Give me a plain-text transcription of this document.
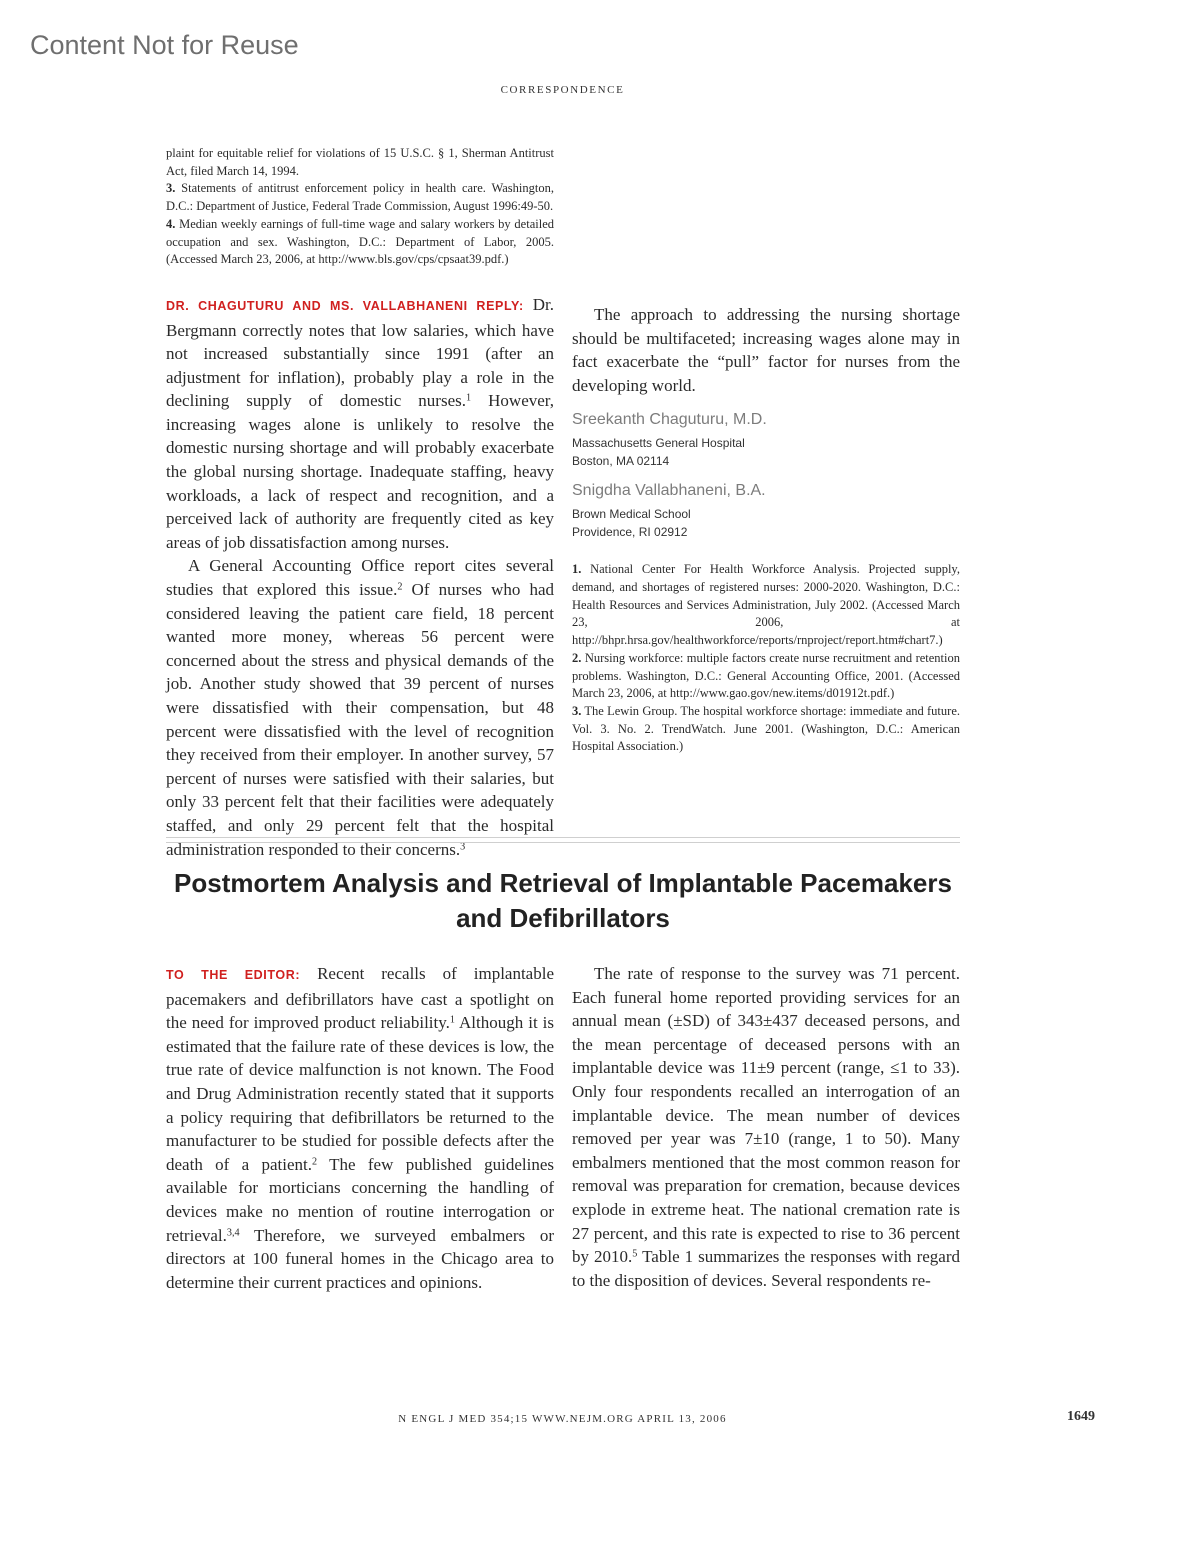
Content Not for Reuse
CORRESPONDENCE

plaint for equitable relief for violations of 15 U.S.C. § 1, Sherman Antitrust Act, filed March 14, 1994.

3. Statements of antitrust enforcement policy in health care. Washington, D.C.: Department of Justice, Federal Trade Commission, August 1996:49-50.

4. Median weekly earnings of full-time wage and salary workers by detailed occupation and sex. Washington, D.C.: Department of Labor, 2005. (Accessed March 23, 2006, at http://www.bls.gov/cps/cpsaat39.pdf.)

DR. CHAGUTURU AND MS. VALLABHANENI REPLY: Dr. Bergmann correctly notes that low salaries, which have not increased substantially since 1991 (after an adjustment for inflation), probably play a role in the declining supply of domestic nurses.$^1$ However, increasing wages alone is unlikely to resolve the domestic nursing shortage and will probably exacerbate the global nursing shortage. Inadequate staffing, heavy workloads, a lack of respect and recognition, and a perceived lack of authority are frequently cited as key areas of job dissatisfaction among nurses.

A General Accounting Office report cites several studies that explored this issue.$^2$ Of nurses who had considered leaving the patient care field, 18 percent wanted more money, whereas 56 percent were concerned about the stress and physical demands of the job. Another study showed that 39 percent of nurses were dissatisfied with their compensation, but 48 percent were dissatisfied with the level of recognition they received from their employer. In another survey, 57 percent of nurses were satisfied with their salaries, but only 33 percent felt that their facilities were adequately staffed, and only 29 percent felt that the hospital administration responded to their concerns.$^3$

The approach to addressing the nursing shortage should be multifaceted; increasing wages alone may in fact exacerbate the “pull” factor for nurses from the developing world.

Sreekanth Chaguturu, M.D.

Massachusetts General Hospital

Boston, MA 02114

Snigdha Vallabhaneni, B.A.

Brown Medical School

Providence, RI 02912

1. National Center For Health Workforce Analysis. Projected supply, demand, and shortages of registered nurses: 2000-2020. Washington, D.C.: Health Resources and Services Administration, July 2002. (Accessed March 23, 2006, at http://bhpr.hrsa.gov/healthworkforce/reports/rnproject/report.htm#chart7.)

2. Nursing workforce: multiple factors create nurse recruitment and retention problems. Washington, D.C.: General Accounting Office, 2001. (Accessed March 23, 2006, at http://www.gao.gov/new.items/d01912t.pdf.)

3. The Lewin Group. The hospital workforce shortage: immediate and future. Vol. 3. No. 2. TrendWatch. June 2001. (Washington, D.C.: American Hospital Association.)

Postmortem Analysis and Retrieval of Implantable Pacemakers and Defibrillators

TO THE EDITOR: Recent recalls of implantable pacemakers and defibrillators have cast a spotlight on the need for improved product reliability.$^1$ Although it is estimated that the failure rate of these devices is low, the true rate of device malfunction is not known. The Food and Drug Administration recently stated that it supports a policy requiring that defibrillators be returned to the manufacturer to be studied for possible defects after the death of a patient.$^2$ The few published guidelines available for morticians concerning the handling of devices make no mention of routine interrogation or retrieval.$^{3,4}$ Therefore, we surveyed embalmers or directors at 100 funeral homes in the Chicago area to determine their current practices and opinions.

The rate of response to the survey was 71 percent. Each funeral home reported providing services for an annual mean (±SD) of 343±437 deceased persons, and the mean percentage of deceased persons with an implantable device was 11±9 percent (range, ≤1 to 33). Only four respondents recalled an interrogation of an implantable device. The mean number of devices removed per year was 7±10 (range, 1 to 50). Many embalmers mentioned that the most common reason for removal was preparation for cremation, because devices explode in extreme heat. The national cremation rate is 27 percent, and this rate is expected to rise to 36 percent by 2010.$^5$ Table 1 summarizes the responses with regard to the disposition of devices. Several respondents re-

N ENGL J MED 354;15 WWW.NEJM.ORG APRIL 13, 2006	1649
